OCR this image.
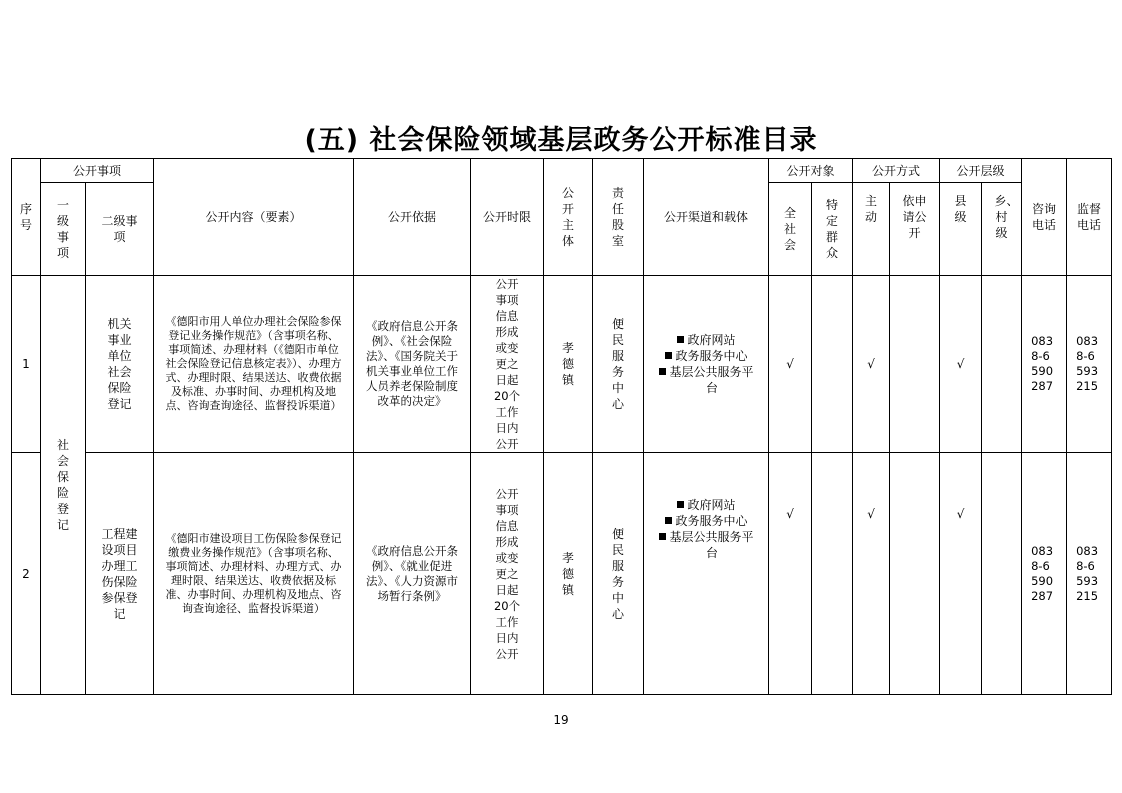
(五) 社会保险领域基层政务公开标准目录
序号	公开事项		公开内容（要素）	公开依据	公开时限	公开主体	责任股室	公开渠道和载体	公开对象		公开方式		公开层级		咨询电话	监督电话

	一级事项	二级事项							全社会	特定群众	主动	依申请公开	县级	乡、村级		

1	社会保险登记	机关事业单位社会保险登记	《德阳市用人单位办理社会保险参保登记业务操作规范》（含事项名称、事项简述、办理材料（《德阳市单位社会保险登记信息核定表》）、办理方式、办理时限、结果送达、收费依据及标准、办事时间、办理机构及地点、咨询查询途径、监督投诉渠道）	《政府信息公开条例》、《社会保险法》、《国务院关于机关事业单位工作人员养老保险制度改革的决定》	公开事项信息形成或变更之日起20个工作日内公开	孝德镇	便民服务中心	政府网站
政务服务中心
基层公共服务平
台	√		√		√		0838-6590287	0838-6593215

2		工程建设项目办理工伤保险参保登记	《德阳市建设项目工伤保险参保登记缴费业务操作规范》（含事项名称、事项简述、办理材料、办理方式、办理时限、结果送达、收费依据及标准、办事时间、办理机构及地点、咨询查询途径、监督投诉渠道）	《政府信息公开条例》、《就业促进法》、《人力资源市场暂行条例》	公开事项信息形成或变更之日起20个工作日内公开	孝德镇	便民服务中心	政府网站
政务服务中心
基层公共服务平
台	√		√		√		0838-6590287	0838-6593215
19
